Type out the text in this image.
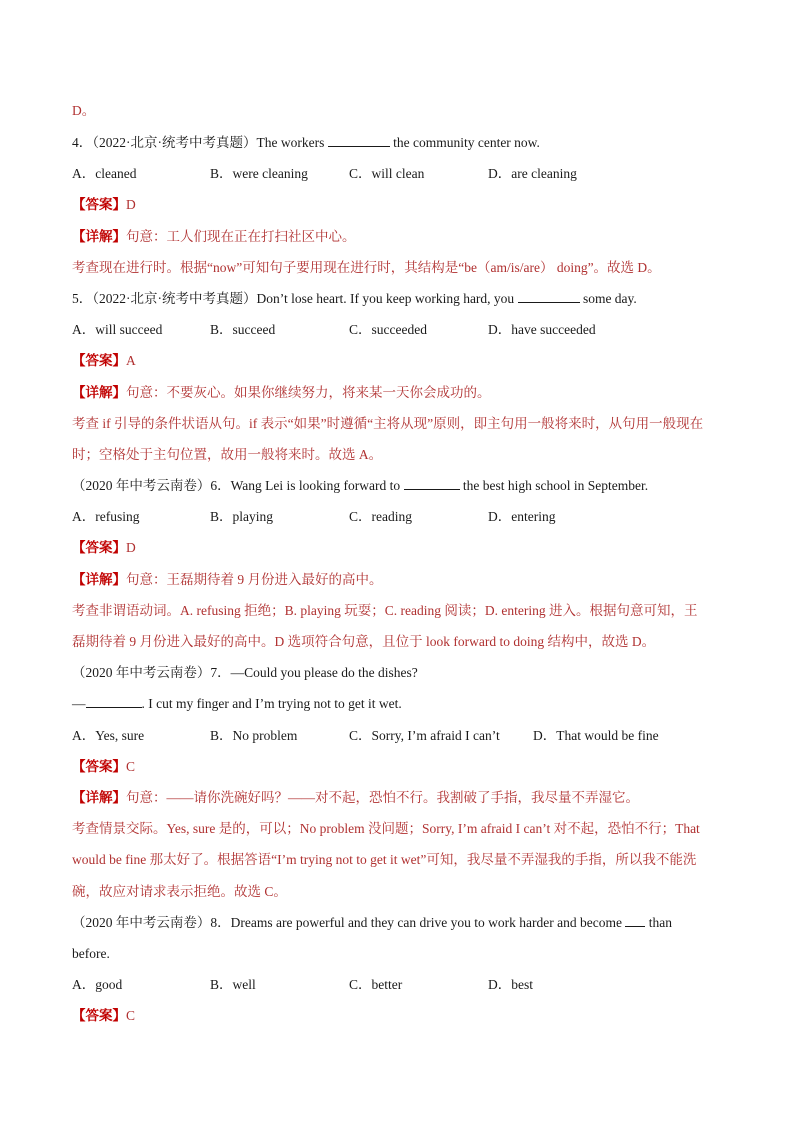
D。
4．（2022·北京·统考中考真题）The workers	the community center now.
A．cleaned	B．were cleaning	C．will clean	D．are cleaning
【答案】D
【详解】句意：工人们现在正在打扫社区中心。
考查现在进行时。根据“now”可知句子要用现在进行时，其结构是“be（am/is/are） doing”。故选 D。
5．（2022·北京·统考中考真题）Don’t lose heart. If you keep working hard, you	some day.
A．will succeed	B．succeed	C．succeeded	D．have succeeded
【答案】A
【详解】句意：不要灰心。如果你继续努力，将来某一天你会成功的。
考查 if 引导的条件状语从句。if 表示“如果”时遵循“主将从现”原则，即主句用一般将来时，从句用一般现在
时；空格处于主句位置，故用一般将来时。故选 A。
（2020 年中考云南卷）6．Wang Lei is looking forward to	the best high school in September.
A．refusing	B．playing	C．reading	D．entering
【答案】D
【详解】句意：王磊期待着 9 月份进入最好的高中。
考查非谓语动词。A. refusing 拒绝；B. playing 玩耍；C. reading 阅读；D. entering 进入。根据句意可知，王
磊期待着 9 月份进入最好的高中。D 选项符合句意，且位于 look forward to doing 结构中，故选 D。
（2020 年中考云南卷）7．—Could you please do the dishes?
—	. I cut my finger and I’m trying not to get it wet.
A．Yes, sure	B．No problem	C．Sorry, I’m afraid I can’t D．That would be fine
【答案】C
【详解】句意：——请你洗碗好吗？——对不起，恐怕不行。我割破了手指，我尽量不弄湿它。
考查情景交际。Yes, sure 是的，可以；No problem 没问题；Sorry, I’m afraid I can’t 对不起，恐怕不行；That
would be fine 那太好了。根据答语“I’m trying not to get it wet”可知，我尽量不弄湿我的手指，所以我不能洗
碗，故应对请求表示拒绝。故选 C。
（2020 年中考云南卷）8．Dreams are powerful and they can drive you to work harder and become than
before.
A．good	B．well	C．better	D．best
【答案】C
